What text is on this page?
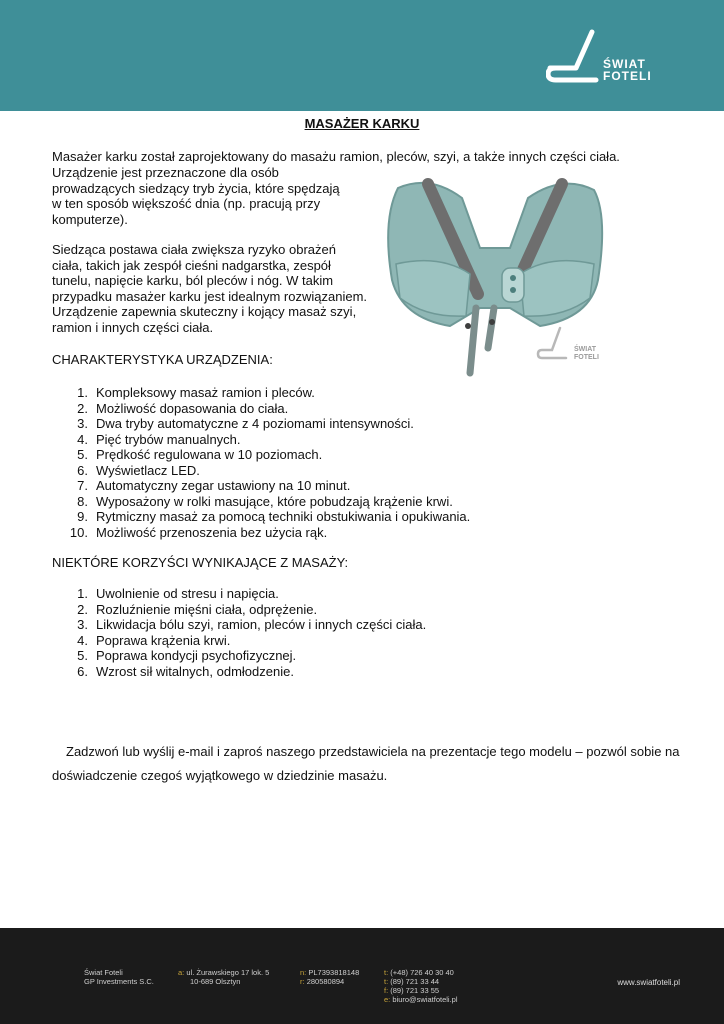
ŚWIAT
FOTELI
MASAŻER KARKU

Masażer karku został zaprojektowany do masażu ramion, pleców, szyi, a także innych części ciała.

Urządzenie jest przeznaczone dla osób prowadzących siedzący tryb życia, które spędzają w ten sposób większość dnia (np. pracują przy komputerze).

Siedząca postawa ciała zwiększa ryzyko obrażeń ciała, takich jak zespół cieśni nadgarstka, zespół tunelu, napięcie karku, ból pleców i nóg. W takim przypadku masażer karku jest idealnym rozwiązaniem. Urządzenie zapewnia skuteczny i kojący masaż szyi, ramion i innych części ciała.

ŚWIAT
FOTELI

CHARAKTERYSTYKA URZĄDZENIA:

1. Kompleksowy masaż ramion i pleców.
2. Możliwość dopasowania do ciała.
3. Dwa tryby automatyczne z 4 poziomami intensywności.
4. Pięć trybów manualnych.
5. Prędkość regulowana w 10 poziomach.
6. Wyświetlacz LED.
7. Automatyczny zegar ustawiony na 10 minut.
8. Wyposażony w rolki masujące, które pobudzają krążenie krwi.
9. Rytmiczny masaż za pomocą techniki obstukiwania i opukiwania.
10. Możliwość przenoszenia bez użycia rąk.

NIEKTÓRE KORZYŚCI WYNIKAJĄCE Z MASAŻY:

1. Uwolnienie od stresu i napięcia.
2. Rozluźnienie mięśni ciała, odprężenie.
3. Likwidacja bólu szyi, ramion, pleców i innych części ciała.
4. Poprawa krążenia krwi.
5. Poprawa kondycji psychofizycznej.
6. Wzrost sił witalnych, odmłodzenie.

Zadzwoń lub wyślij e-mail i zaproś naszego przedstawiciela na prezentacje tego modelu – pozwól sobie na doświadczenie czegoś wyjątkowego w dziedzinie masażu.

Świat Foteli
GP Investments S.C.
a: ul. Żurawskiego 17 lok. 5
10-689 Olsztyn
n: PL7393818148
r: 280580894
t: (+48) 726 40 30 40
t: (89) 721 33 44
f: (89) 721 33 55
e: biuro@swiatfoteli.pl
www.swiatfoteli.pl
